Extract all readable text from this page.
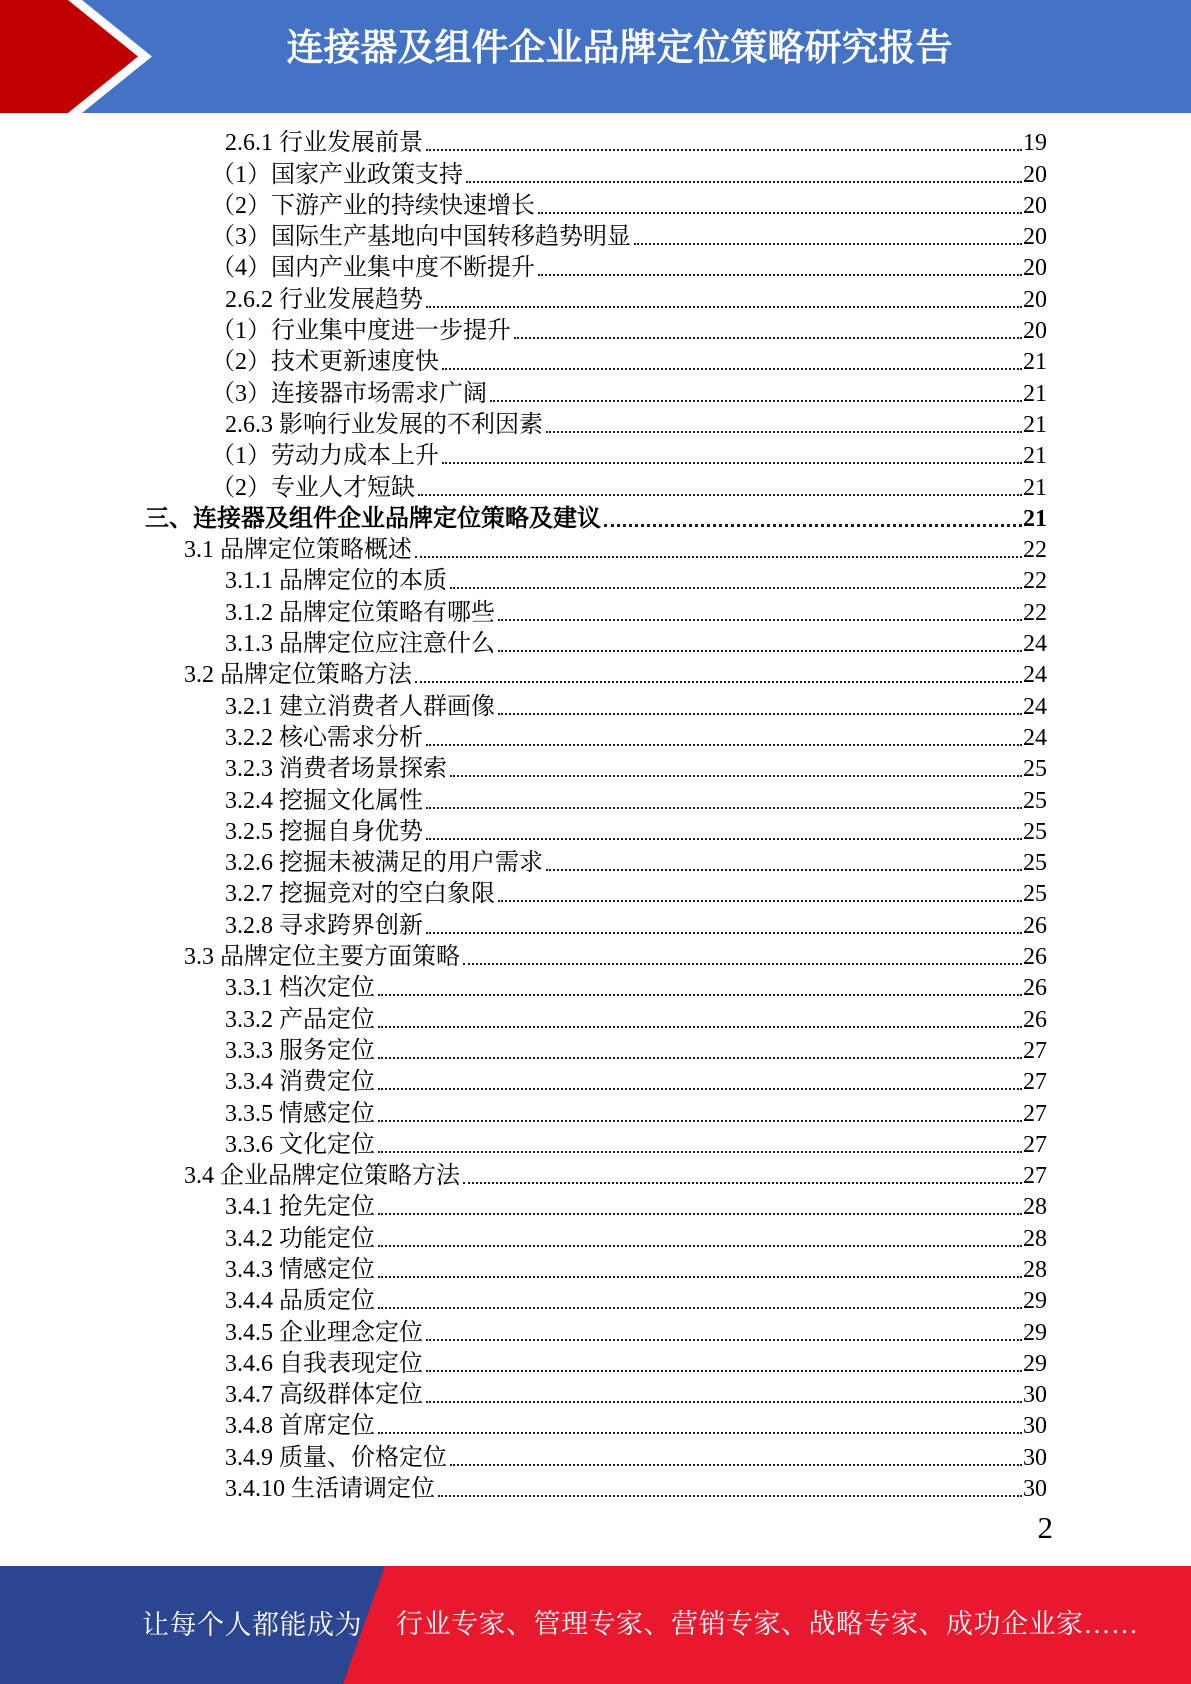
连接器及组件企业品牌定位策略研究报告
2.6.1 行业发展前景	19
（1）国家产业政策支持	20
（2）下游产业的持续快速增长	20
（3）国际生产基地向中国转移趋势明显	20
（4）国内产业集中度不断提升	20
2.6.2 行业发展趋势	20
（1）行业集中度进一步提升	20
（2）技术更新速度快	21
（3）连接器市场需求广阔	21
2.6.3 影响行业发展的不利因素	21
（1）劳动力成本上升	21
（2）专业人才短缺	21
三、连接器及组件企业品牌定位策略及建议	21
3.1 品牌定位策略概述	22
3.1.1 品牌定位的本质	22
3.1.2 品牌定位策略有哪些	22
3.1.3 品牌定位应注意什么	24
3.2 品牌定位策略方法	24
3.2.1 建立消费者人群画像	24
3.2.2 核心需求分析	24
3.2.3 消费者场景探索	25
3.2.4 挖掘文化属性	25
3.2.5 挖掘自身优势	25
3.2.6 挖掘未被满足的用户需求	25
3.2.7 挖掘竞对的空白象限	25
3.2.8 寻求跨界创新	26
3.3 品牌定位主要方面策略	26
3.3.1 档次定位	26
3.3.2 产品定位	26
3.3.3 服务定位	27
3.3.4 消费定位	27
3.3.5 情感定位	27
3.3.6 文化定位	27
3.4 企业品牌定位策略方法	27
3.4.1 抢先定位	28
3.4.2 功能定位	28
3.4.3 情感定位	28
3.4.4 品质定位	29
3.4.5 企业理念定位	29
3.4.6 自我表现定位	29
3.4.7 高级群体定位	30
3.4.8 首席定位	30
3.4.9 质量、价格定位	30
3.4.10 生活请调定位	30
2
让每个人都能成为 行业专家、管理专家、营销专家、战略专家、成功企业家……
